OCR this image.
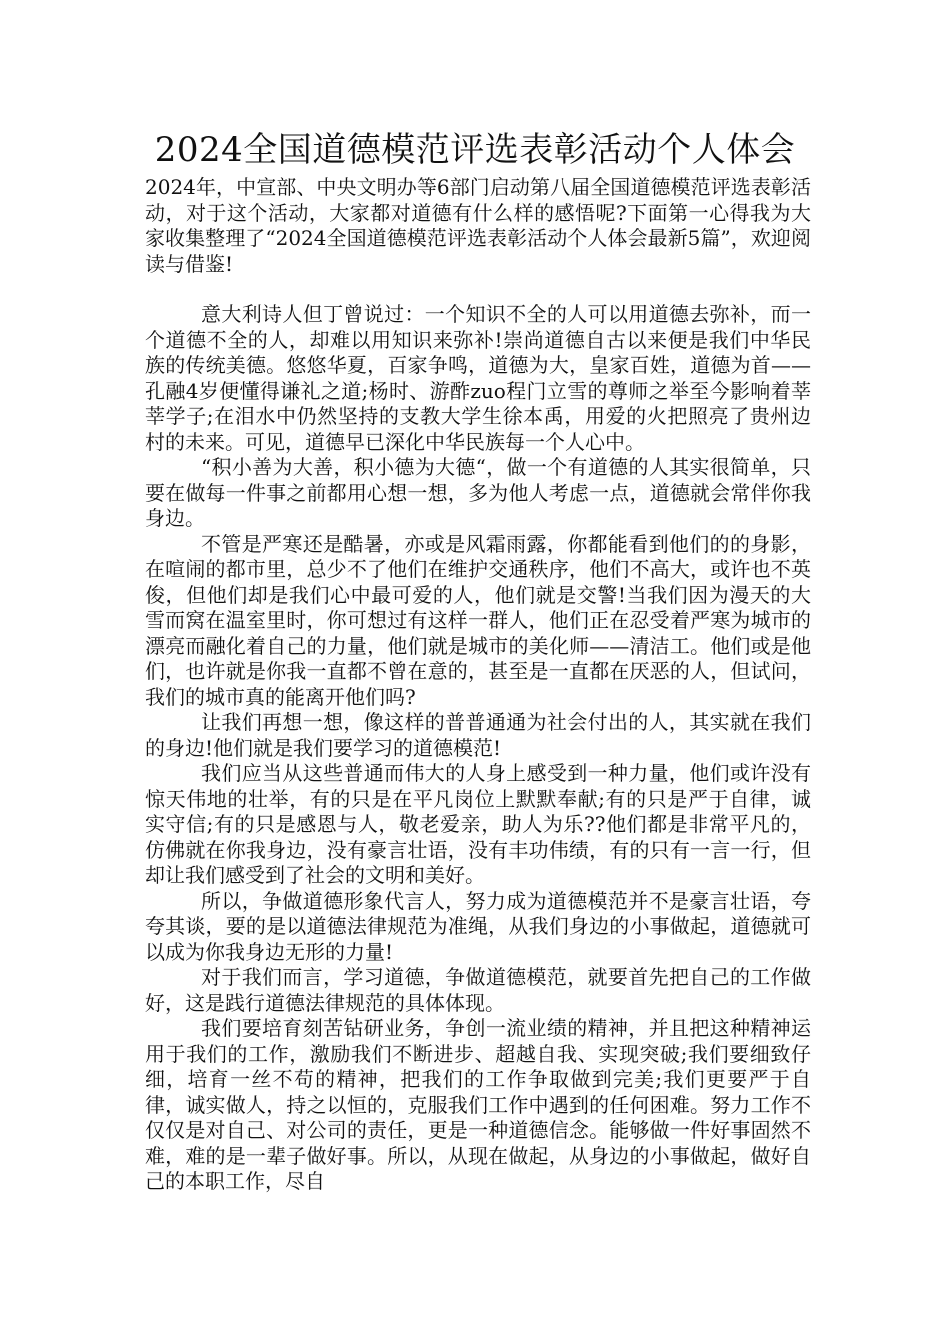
2024全国道德模范评选表彰活动个人体会

2024年，中宣部、中央文明办等6部门启动第八届全国道德模范评选表彰活动，对于这个活动，大家都对道德有什么样的感悟呢?下面第一心得我为大家收集整理了“2024全国道德模范评选表彰活动个人体会最新5篇”，欢迎阅读与借鉴!

意大利诗人但丁曾说过：一个知识不全的人可以用道德去弥补，而一个道德不全的人，却难以用知识来弥补!崇尚道德自古以来便是我们中华民族的传统美德。悠悠华夏，百家争鸣，道德为大，皇家百姓，道德为首——孔融4岁便懂得谦礼之道;杨时、游酢zuo程门立雪的尊师之举至今影响着莘莘学子;在泪水中仍然坚持的支教大学生徐本禹，用爱的火把照亮了贵州边村的未来。可见，道德早已深化中华民族每一个人心中。

“积小善为大善，积小德为大德“，做一个有道德的人其实很简单，只要在做每一件事之前都用心想一想，多为他人考虑一点，道德就会常伴你我身边。

不管是严寒还是酷暑，亦或是风霜雨露，你都能看到他们的的身影，在喧闹的都市里，总少不了他们在维护交通秩序，他们不高大，或许也不英俊，但他们却是我们心中最可爱的人，他们就是交警!当我们因为漫天的大雪而窝在温室里时，你可想过有这样一群人，他们正在忍受着严寒为城市的漂亮而融化着自己的力量，他们就是城市的美化师——清洁工。他们或是他们，也许就是你我一直都不曾在意的，甚至是一直都在厌恶的人，但试问，我们的城市真的能离开他们吗?

让我们再想一想，像这样的普普通通为社会付出的人，其实就在我们的身边!他们就是我们要学习的道德模范!

我们应当从这些普通而伟大的人身上感受到一种力量，他们或许没有惊天伟地的壮举，有的只是在平凡岗位上默默奉献;有的只是严于自律，诚实守信;有的只是感恩与人，敬老爱亲，助人为乐??他们都是非常平凡的，仿佛就在你我身边，没有豪言壮语，没有丰功伟绩，有的只有一言一行，但却让我们感受到了社会的文明和美好。

所以，争做道德形象代言人，努力成为道德模范并不是豪言壮语，夸夸其谈，要的是以道德法律规范为准绳，从我们身边的小事做起，道德就可以成为你我身边无形的力量!

对于我们而言，学习道德，争做道德模范，就要首先把自己的工作做好，这是践行道德法律规范的具体体现。

我们要培育刻苦钻研业务，争创一流业绩的精神，并且把这种精神运用于我们的工作，激励我们不断进步、超越自我、实现突破;我们要细致仔细，培育一丝不苟的精神，把我们的工作争取做到完美;我们更要严于自律，诚实做人，持之以恒的，克服我们工作中遇到的任何困难。努力工作不仅仅是对自己、对公司的责任，更是一种道德信念。能够做一件好事固然不难，难的是一辈子做好事。所以，从现在做起，从身边的小事做起，做好自己的本职工作，尽自
